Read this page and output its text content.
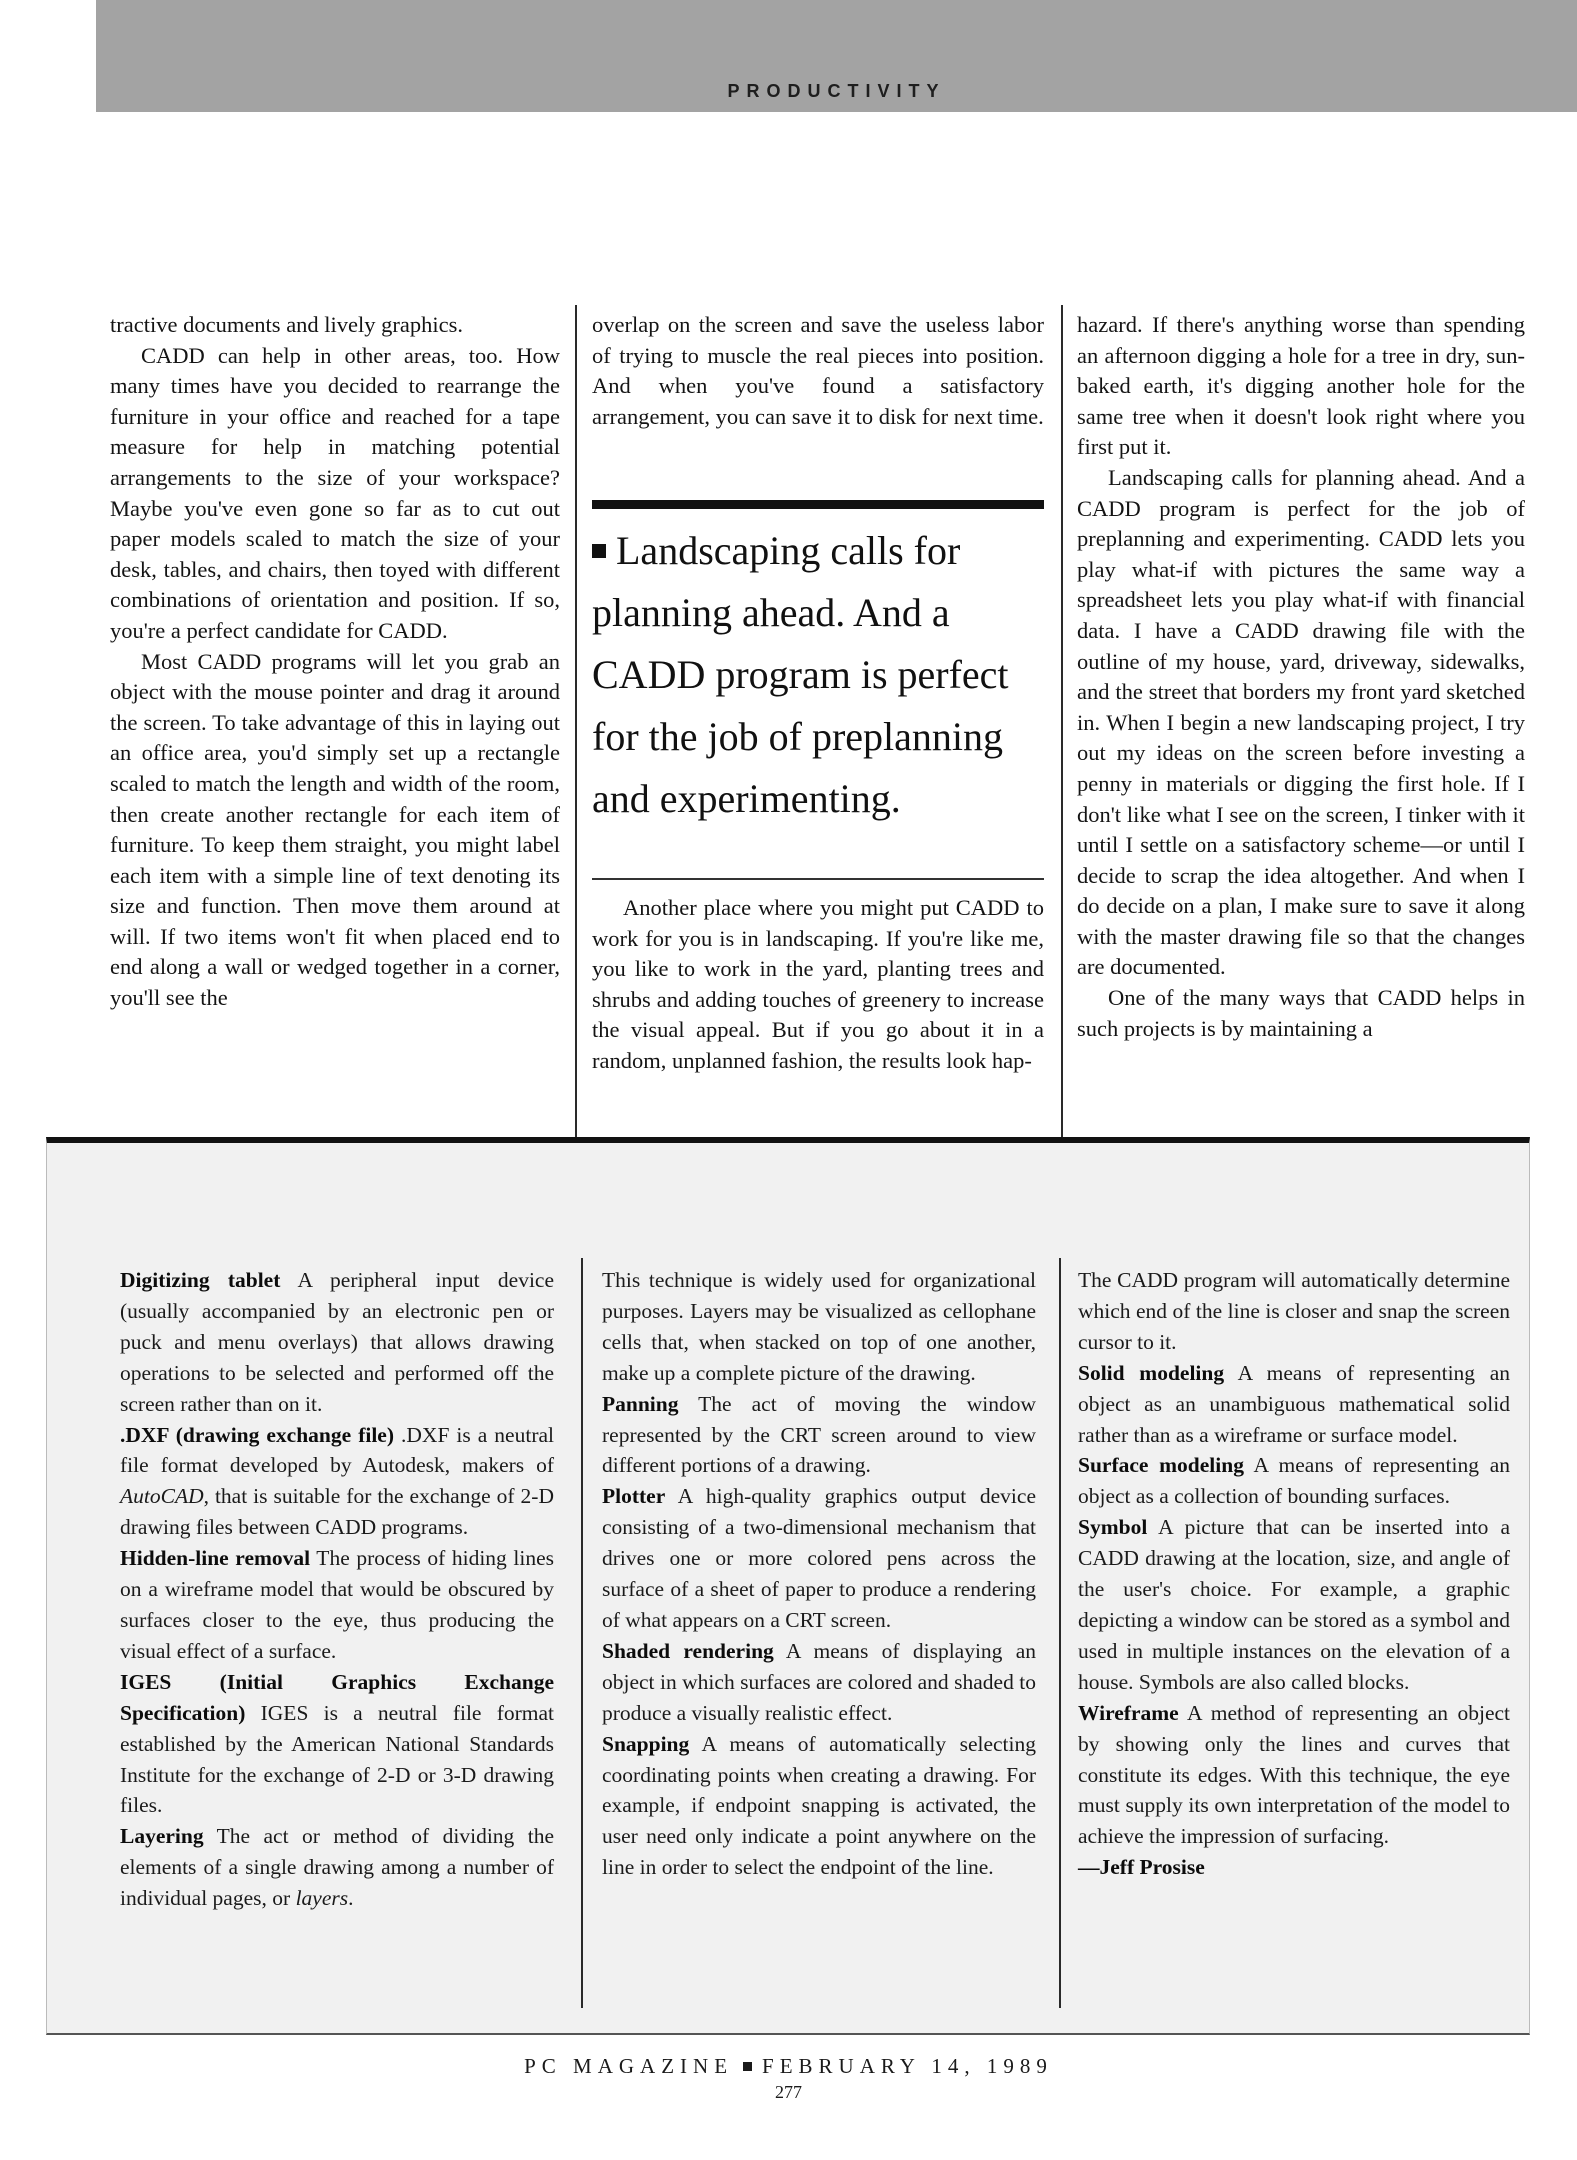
PRODUCTIVITY

tractive documents and lively graphics.

CADD can help in other areas, too. How many times have you decided to rearrange the furniture in your office and reached for a tape measure for help in matching potential arrangements to the size of your workspace? Maybe you've even gone so far as to cut out paper models scaled to match the size of your desk, tables, and chairs, then toyed with different combinations of orientation and position. If so, you're a perfect candidate for CADD.

Most CADD programs will let you grab an object with the mouse pointer and drag it around the screen. To take advantage of this in laying out an office area, you'd simply set up a rectangle scaled to match the length and width of the room, then create another rectangle for each item of furniture. To keep them straight, you might label each item with a simple line of text denoting its size and function. Then move them around at will. If two items won't fit when placed end to end along a wall or wedged together in a corner, you'll see the

overlap on the screen and save the useless labor of trying to muscle the real pieces into position. And when you've found a satisfactory arrangement, you can save it to disk for next time.

Landscaping calls for planning ahead. And a CADD program is perfect for the job of preplanning and experimenting.

Another place where you might put CADD to work for you is in landscaping. If you're like me, you like to work in the yard, planting trees and shrubs and adding touches of greenery to increase the visual appeal. But if you go about it in a random, unplanned fashion, the results look hap-

hazard. If there's anything worse than spending an afternoon digging a hole for a tree in dry, sun-baked earth, it's digging another hole for the same tree when it doesn't look right where you first put it.

Landscaping calls for planning ahead. And a CADD program is perfect for the job of preplanning and experimenting. CADD lets you play what-if with pictures the same way a spreadsheet lets you play what-if with financial data. I have a CADD drawing file with the outline of my house, yard, driveway, sidewalks, and the street that borders my front yard sketched in. When I begin a new landscaping project, I try out my ideas on the screen before investing a penny in materials or digging the first hole. If I don't like what I see on the screen, I tinker with it until I settle on a satisfactory scheme—or until I decide to scrap the idea altogether. And when I do decide on a plan, I make sure to save it along with the master drawing file so that the changes are documented.

One of the many ways that CADD helps in such projects is by maintaining a

Digitizing tablet A peripheral input device (usually accompanied by an electronic pen or puck and menu overlays) that allows drawing operations to be selected and performed off the screen rather than on it.

.DXF (drawing exchange file) .DXF is a neutral file format developed by Autodesk, makers of AutoCAD, that is suitable for the exchange of 2-D drawing files between CADD programs.

Hidden-line removal The process of hiding lines on a wireframe model that would be obscured by surfaces closer to the eye, thus producing the visual effect of a surface.

IGES (Initial Graphics Exchange Specification) IGES is a neutral file format established by the American National Standards Institute for the exchange of 2-D or 3-D drawing files.

Layering The act or method of dividing the elements of a single drawing among a number of individual pages, or layers.

This technique is widely used for organizational purposes. Layers may be visualized as cellophane cells that, when stacked on top of one another, make up a complete picture of the drawing.

Panning The act of moving the window represented by the CRT screen around to view different portions of a drawing.

Plotter A high-quality graphics output device consisting of a two-dimensional mechanism that drives one or more colored pens across the surface of a sheet of paper to produce a rendering of what appears on a CRT screen.

Shaded rendering A means of displaying an object in which surfaces are colored and shaded to produce a visually realistic effect.

Snapping A means of automatically selecting coordinating points when creating a drawing. For example, if endpoint snapping is activated, the user need only indicate a point anywhere on the line in order to select the endpoint of the line.

The CADD program will automatically determine which end of the line is closer and snap the screen cursor to it.

Solid modeling A means of representing an object as an unambiguous mathematical solid rather than as a wireframe or surface model.

Surface modeling A means of representing an object as a collection of bounding surfaces.

Symbol A picture that can be inserted into a CADD drawing at the location, size, and angle of the user's choice. For example, a graphic depicting a window can be stored as a symbol and used in multiple instances on the elevation of a house. Symbols are also called blocks.

Wireframe A method of representing an object by showing only the lines and curves that constitute its edges. With this technique, the eye must supply its own interpretation of the model to achieve the impression of surfacing.

—Jeff Prosise

PC MAGAZINE FEBRUARY 14, 1989
277
